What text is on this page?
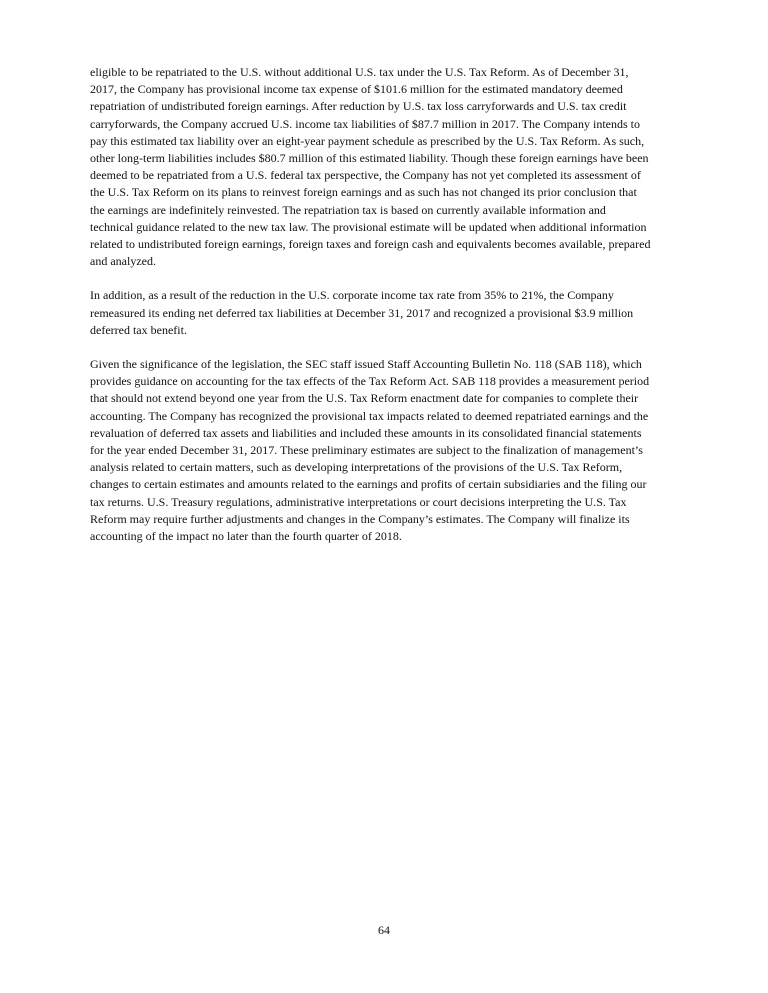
eligible to be repatriated to the U.S. without additional U.S. tax under the U.S. Tax Reform. As of December 31,
2017, the Company has provisional income tax expense of $101.6 million for the estimated mandatory deemed
repatriation of undistributed foreign earnings. After reduction by U.S. tax loss carryforwards and U.S. tax credit
carryforwards, the Company accrued U.S. income tax liabilities of $87.7 million in 2017. The Company intends to
pay this estimated tax liability over an eight-year payment schedule as prescribed by the U.S. Tax Reform. As such,
other long-term liabilities includes $80.7 million of this estimated liability. Though these foreign earnings have been
deemed to be repatriated from a U.S. federal tax perspective, the Company has not yet completed its assessment of
the U.S. Tax Reform on its plans to reinvest foreign earnings and as such has not changed its prior conclusion that
the earnings are indefinitely reinvested. The repatriation tax is based on currently available information and
technical guidance related to the new tax law. The provisional estimate will be updated when additional information
related to undistributed foreign earnings, foreign taxes and foreign cash and equivalents becomes available, prepared
and analyzed.

In addition, as a result of the reduction in the U.S. corporate income tax rate from 35% to 21%, the Company
remeasured its ending net deferred tax liabilities at December 31, 2017 and recognized a provisional $3.9 million
deferred tax benefit.

Given the significance of the legislation, the SEC staff issued Staff Accounting Bulletin No. 118 (SAB 118), which
provides guidance on accounting for the tax effects of the Tax Reform Act. SAB 118 provides a measurement period
that should not extend beyond one year from the U.S. Tax Reform enactment date for companies to complete their
accounting. The Company has recognized the provisional tax impacts related to deemed repatriated earnings and the
revaluation of deferred tax assets and liabilities and included these amounts in its consolidated financial statements
for the year ended December 31, 2017. These preliminary estimates are subject to the finalization of management’s
analysis related to certain matters, such as developing interpretations of the provisions of the U.S. Tax Reform,
changes to certain estimates and amounts related to the earnings and profits of certain subsidiaries and the filing our
tax returns. U.S. Treasury regulations, administrative interpretations or court decisions interpreting the U.S. Tax
Reform may require further adjustments and changes in the Company’s estimates. The Company will finalize its
accounting of the impact no later than the fourth quarter of 2018.

64
